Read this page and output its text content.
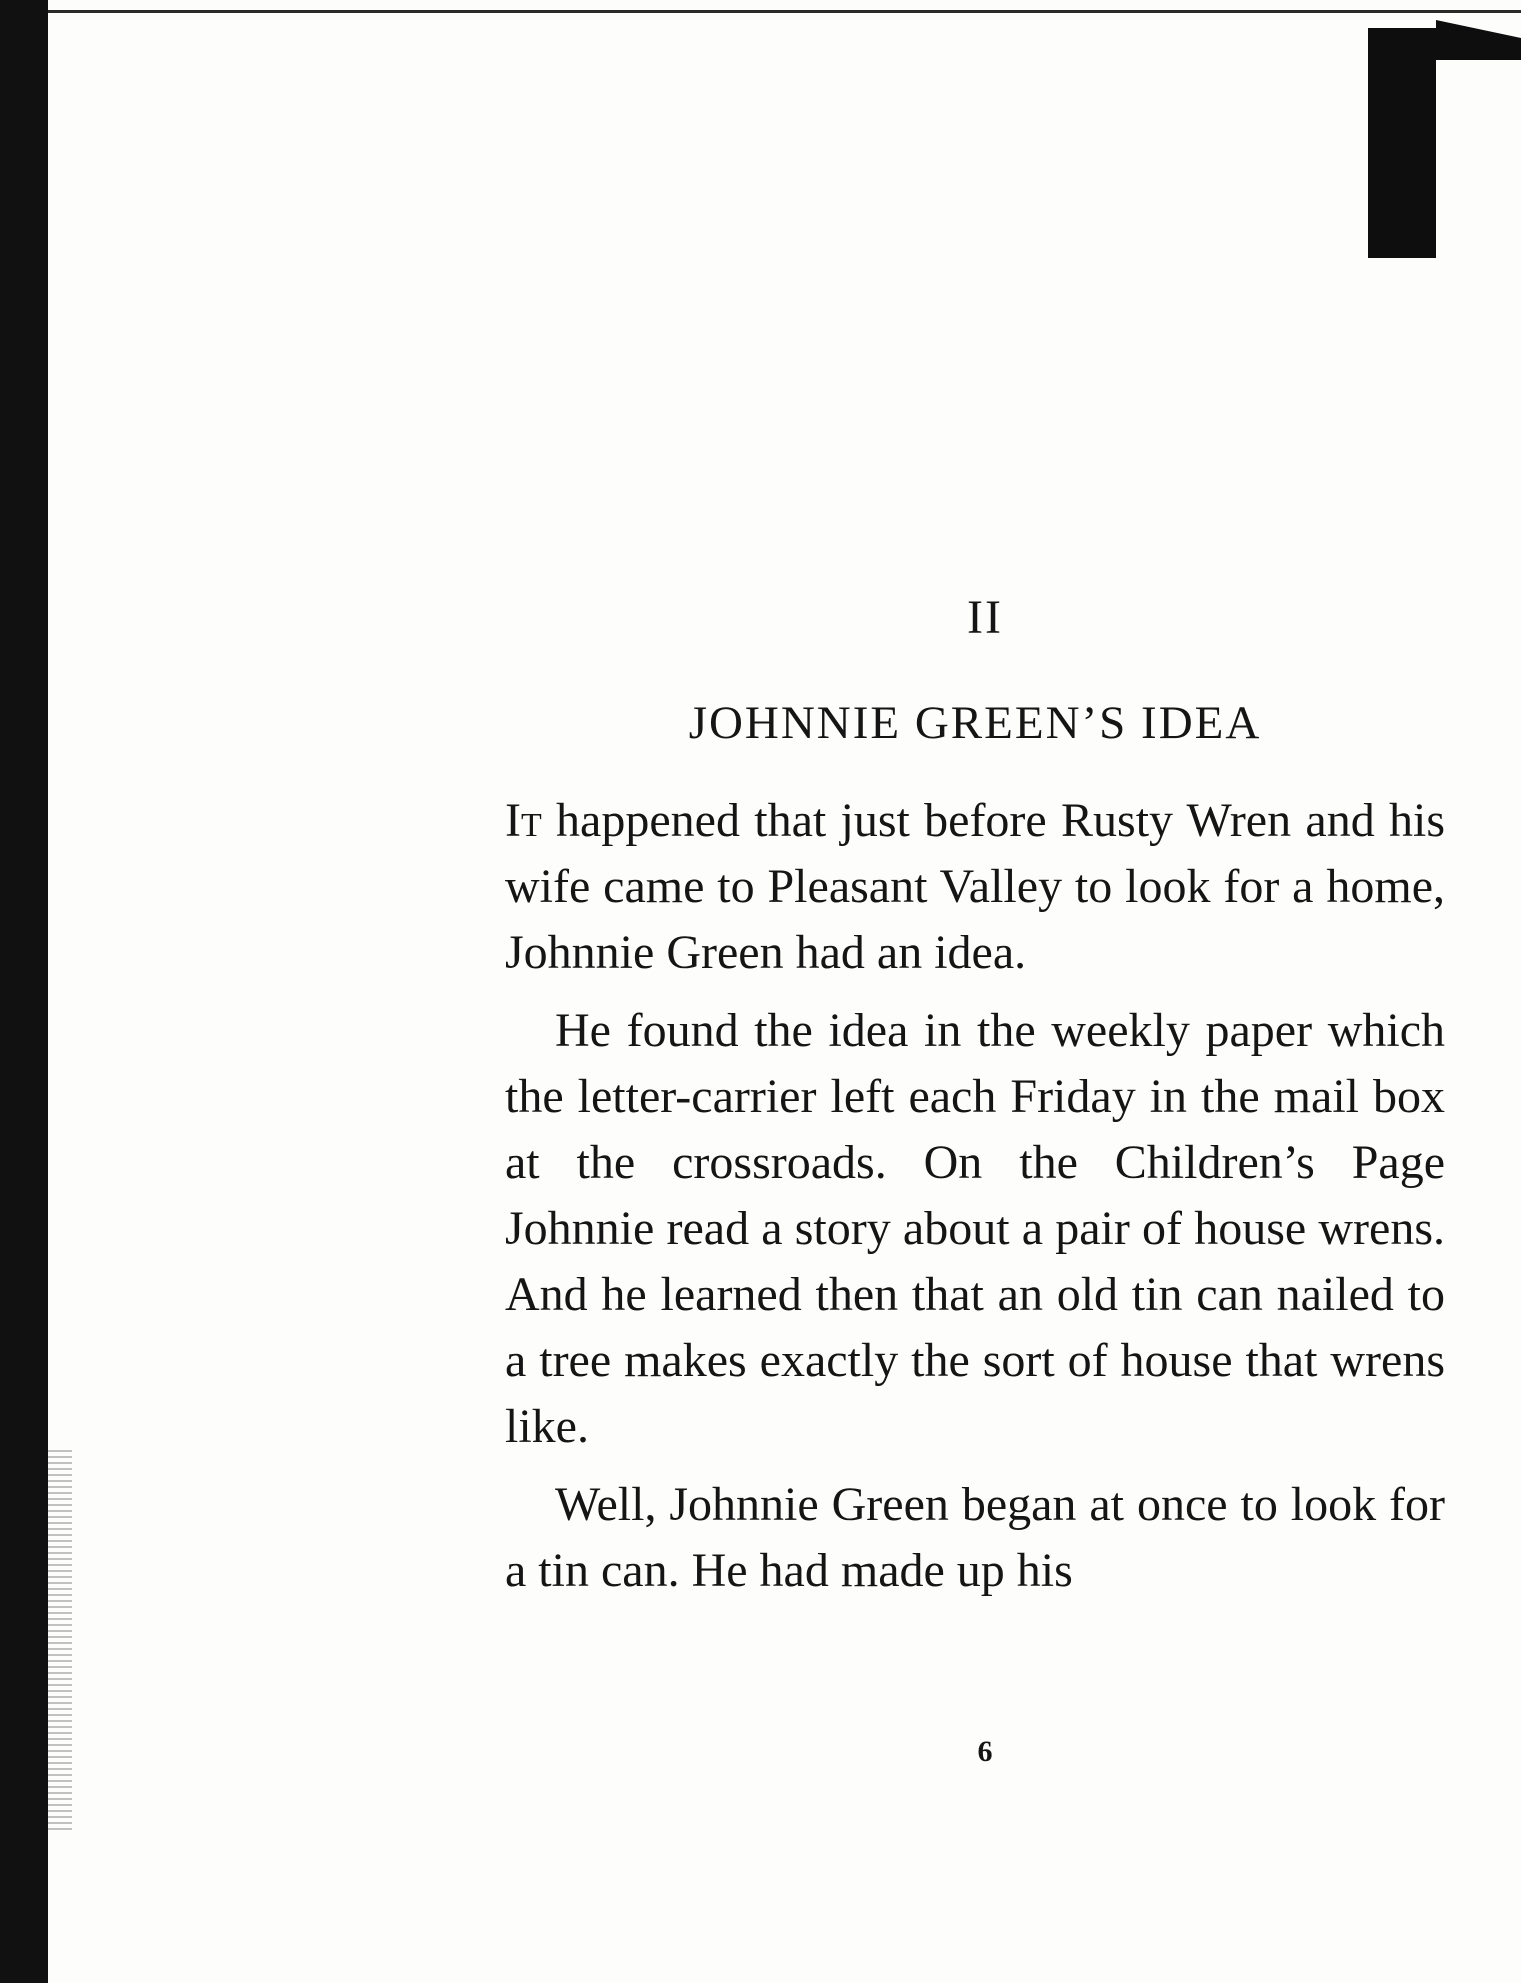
II
JOHNNIE GREEN’S IDEA

It happened that just before Rusty Wren and his wife came to Pleasant Valley to look for a home, Johnnie Green had an idea.

He found the idea in the weekly paper which the letter-carrier left each Friday in the mail box at the crossroads. On the Children’s Page Johnnie read a story about a pair of house wrens. And he learned then that an old tin can nailed to a tree makes exactly the sort of house that wrens like.

Well, Johnnie Green began at once to look for a tin can. He had made up his

6
